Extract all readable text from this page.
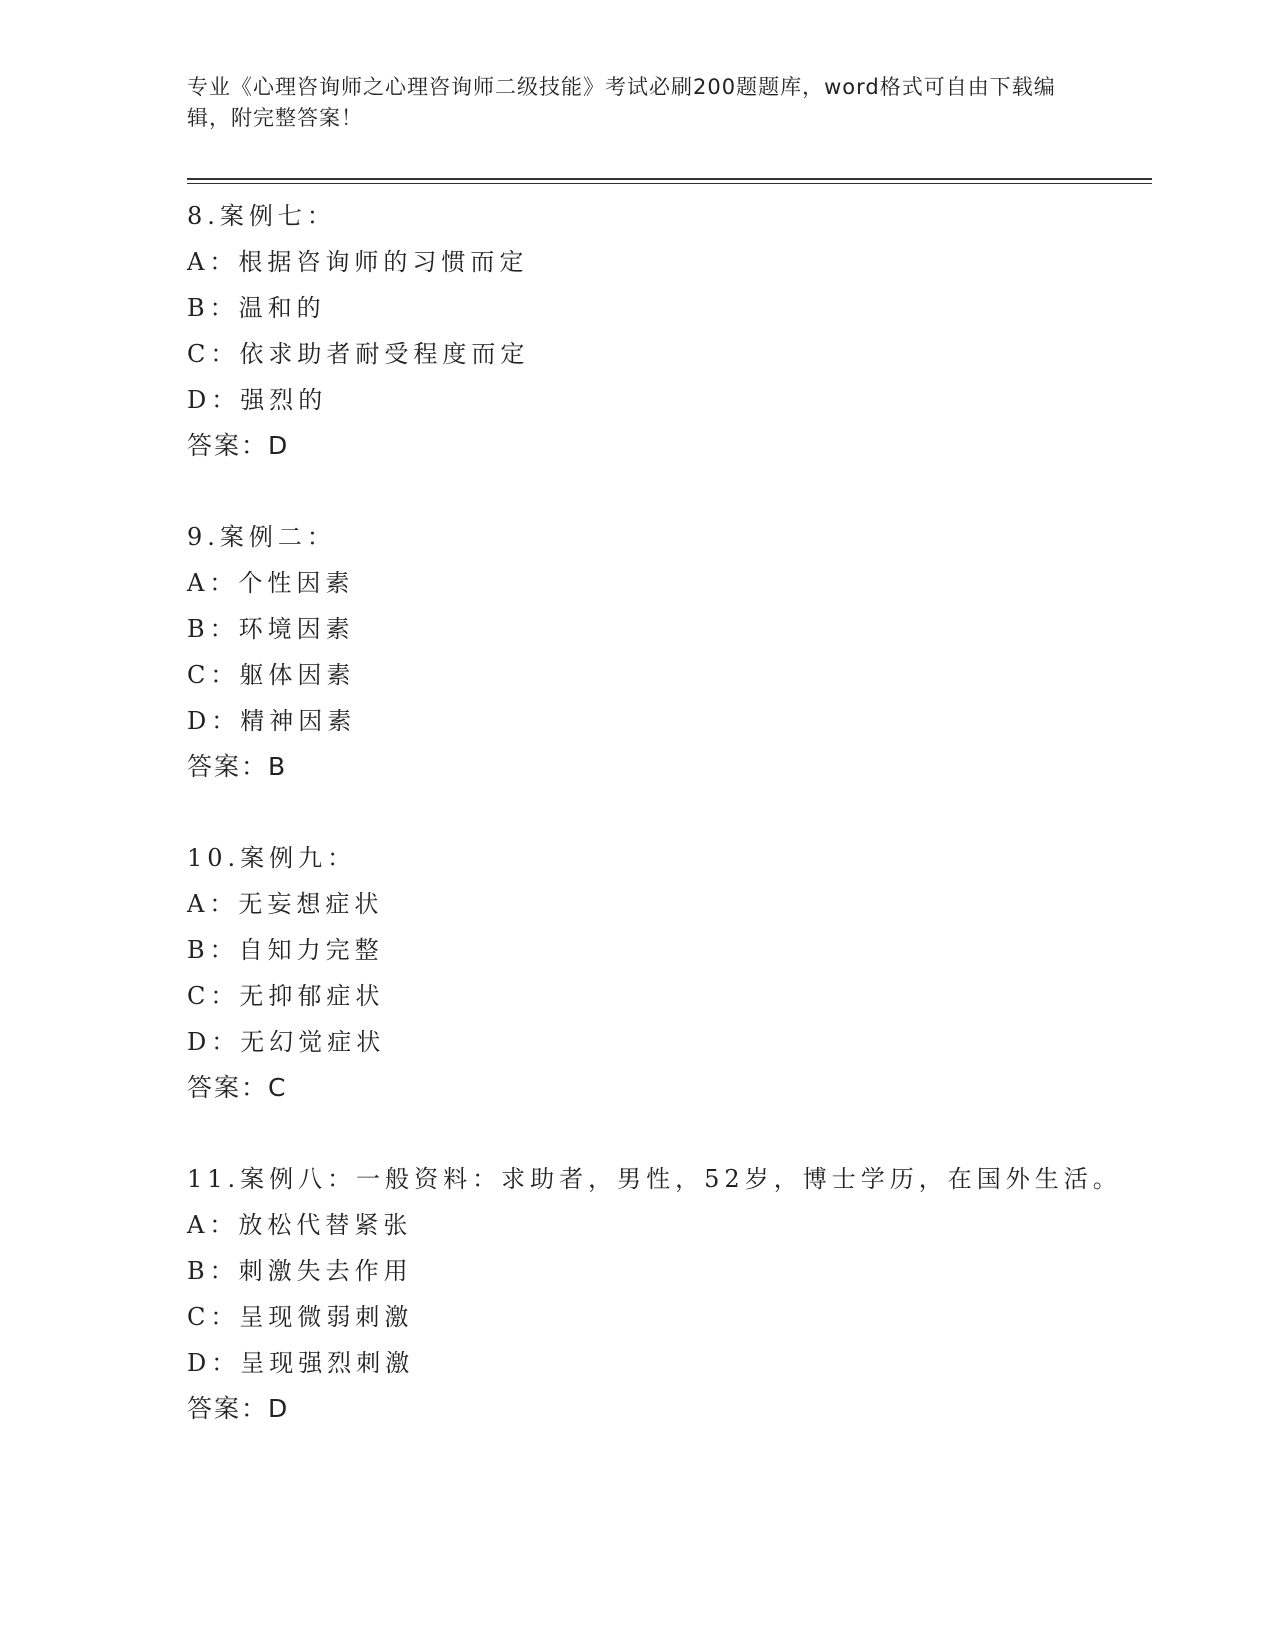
专业《心理咨询师之心理咨询师二级技能》考试必刷200题题库，word格式可自由下载编辑，附完整答案！
8.案例七：
A：根据咨询师的习惯而定
B：温和的
C：依求助者耐受程度而定
D：强烈的
答案：D
9.案例二：
A：个性因素
B：环境因素
C：躯体因素
D：精神因素
答案：B
10.案例九：
A：无妄想症状
B：自知力完整
C：无抑郁症状
D：无幻觉症状
答案：C
11.案例八：一般资料：求助者，男性，52岁，博士学历，在国外生活。
A：放松代替紧张
B：刺激失去作用
C：呈现微弱刺激
D：呈现强烈刺激
答案：D
